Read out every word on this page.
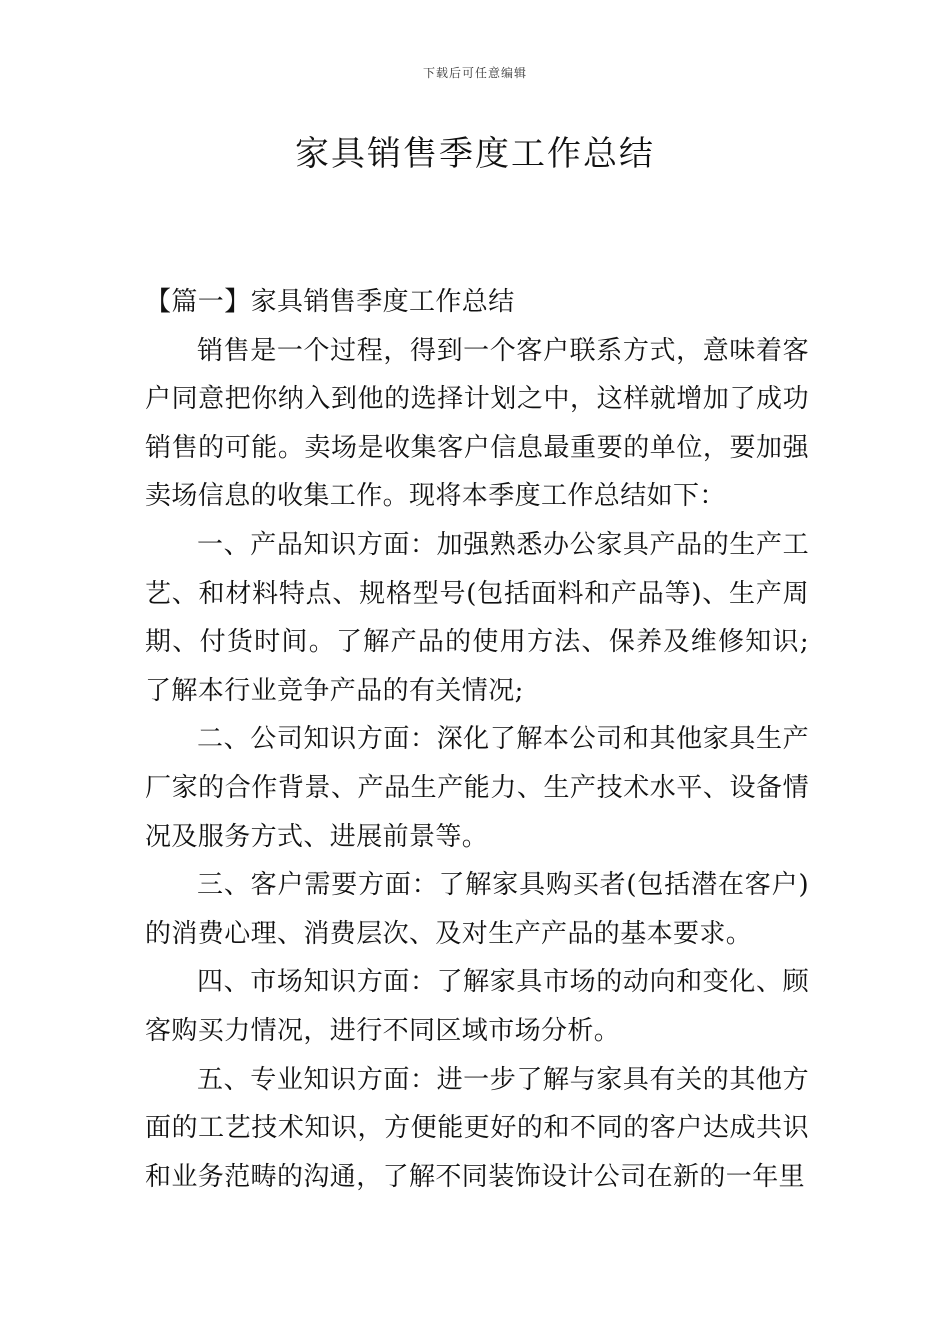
下载后可任意编辑
家具销售季度工作总结

【篇一】家具销售季度工作总结

销售是一个过程，得到一个客户联系方式，意味着客户同意把你纳入到他的选择计划之中，这样就增加了成功销售的可能。卖场是收集客户信息最重要的单位，要加强卖场信息的收集工作。现将本季度工作总结如下：

一、产品知识方面：加强熟悉办公家具产品的生产工艺、和材料特点、规格型号(包括面料和产品等)、生产周期、付货时间。了解产品的使用方法、保养及维修知识;了解本行业竞争产品的有关情况;

二、公司知识方面：深化了解本公司和其他家具生产厂家的合作背景、产品生产能力、生产技术水平、设备情况及服务方式、进展前景等。

三、客户需要方面：了解家具购买者(包括潜在客户)的消费心理、消费层次、及对生产产品的基本要求。

四、市场知识方面：了解家具市场的动向和变化、顾客购买力情况，进行不同区域市场分析。

五、专业知识方面：进一步了解与家具有关的其他方面的工艺技术知识，方便能更好的和不同的客户达成共识和业务范畴的沟通，了解不同装饰设计公司在新的一年里
